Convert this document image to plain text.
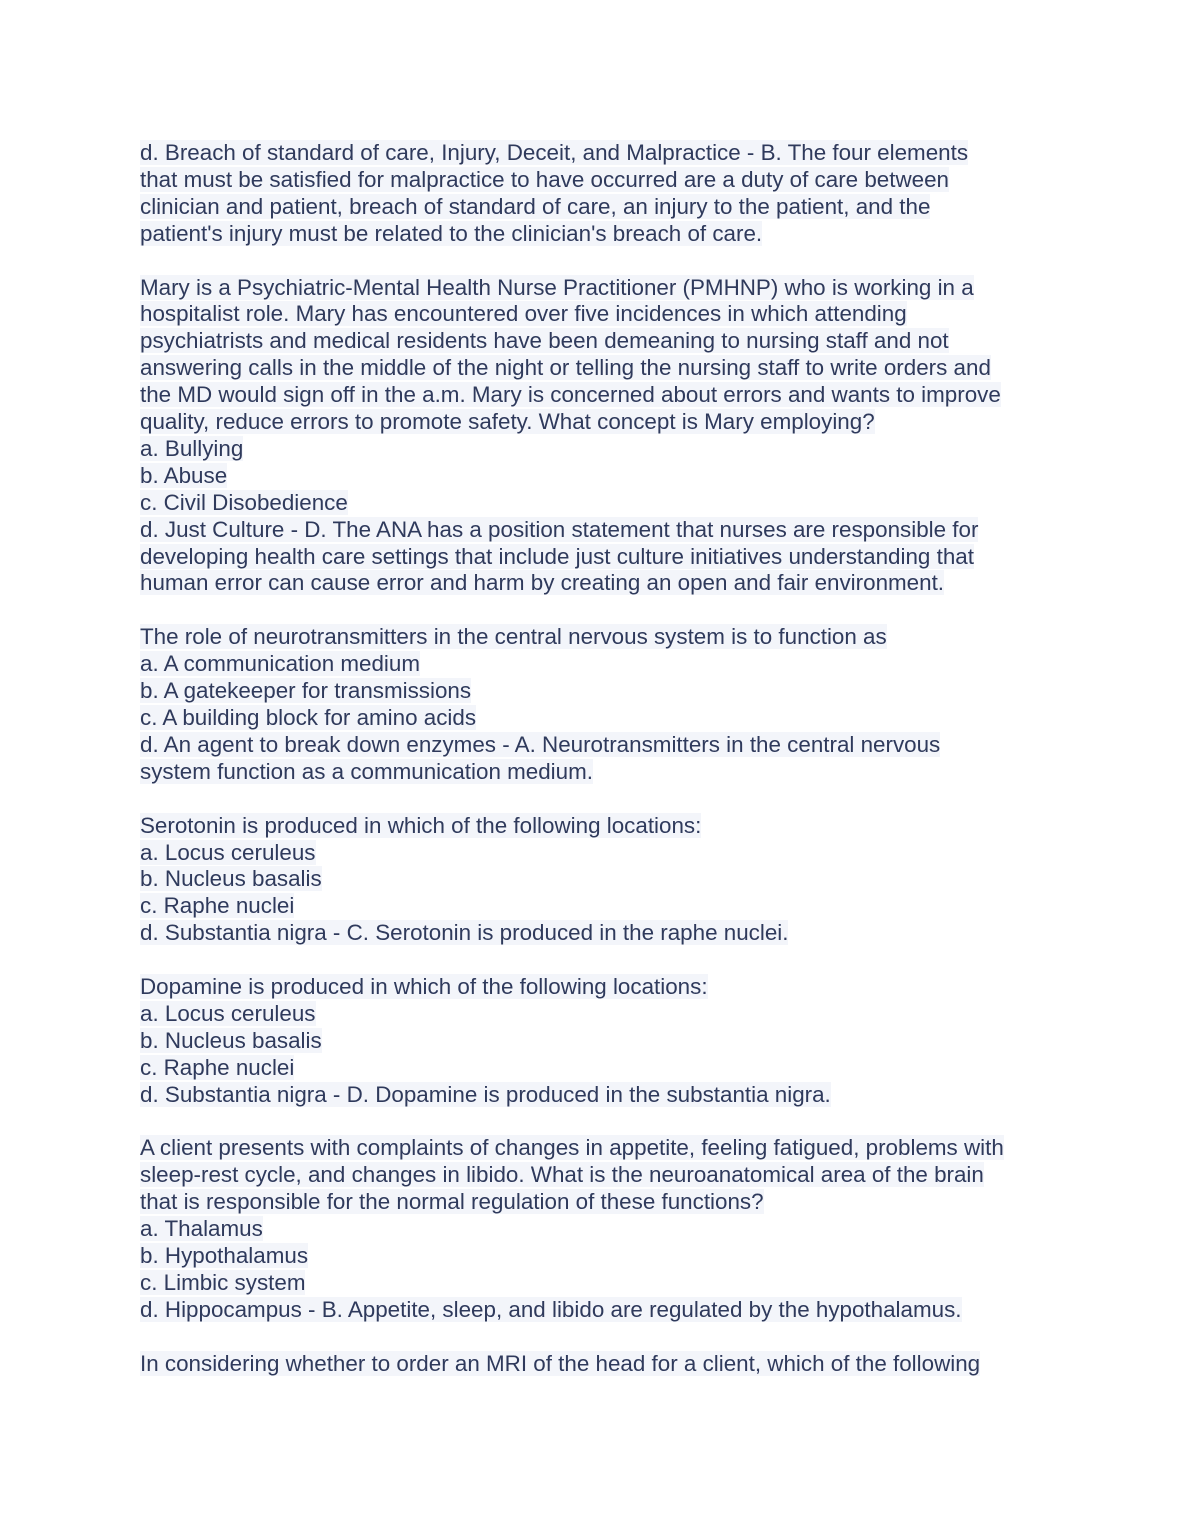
d. Breach of standard of care, Injury, Deceit, and Malpractice - B. The four elements
that must be satisfied for malpractice to have occurred are a duty of care between
clinician and patient, breach of standard of care, an injury to the patient, and the
patient's injury must be related to the clinician's breach of care.
Mary is a Psychiatric-Mental Health Nurse Practitioner (PMHNP) who is working in a
hospitalist role. Mary has encountered over five incidences in which attending
psychiatrists and medical residents have been demeaning to nursing staff and not
answering calls in the middle of the night or telling the nursing staff to write orders and
the MD would sign off in the a.m. Mary is concerned about errors and wants to improve
quality, reduce errors to promote safety. What concept is Mary employing?
a. Bullying
b. Abuse
c. Civil Disobedience
d. Just Culture - D. The ANA has a position statement that nurses are responsible for
developing health care settings that include just culture initiatives understanding that
human error can cause error and harm by creating an open and fair environment.
The role of neurotransmitters in the central nervous system is to function as
a. A communication medium
b. A gatekeeper for transmissions
c. A building block for amino acids
d. An agent to break down enzymes - A. Neurotransmitters in the central nervous
system function as a communication medium.
Serotonin is produced in which of the following locations:
a. Locus ceruleus
b. Nucleus basalis
c. Raphe nuclei
d. Substantia nigra - C. Serotonin is produced in the raphe nuclei.
Dopamine is produced in which of the following locations:
a. Locus ceruleus
b. Nucleus basalis
c. Raphe nuclei
d. Substantia nigra - D. Dopamine is produced in the substantia nigra.
A client presents with complaints of changes in appetite, feeling fatigued, problems with
sleep-rest cycle, and changes in libido. What is the neuroanatomical area of the brain
that is responsible for the normal regulation of these functions?
a. Thalamus
b. Hypothalamus
c. Limbic system
d. Hippocampus - B. Appetite, sleep, and libido are regulated by the hypothalamus.
In considering whether to order an MRI of the head for a client, which of the following
